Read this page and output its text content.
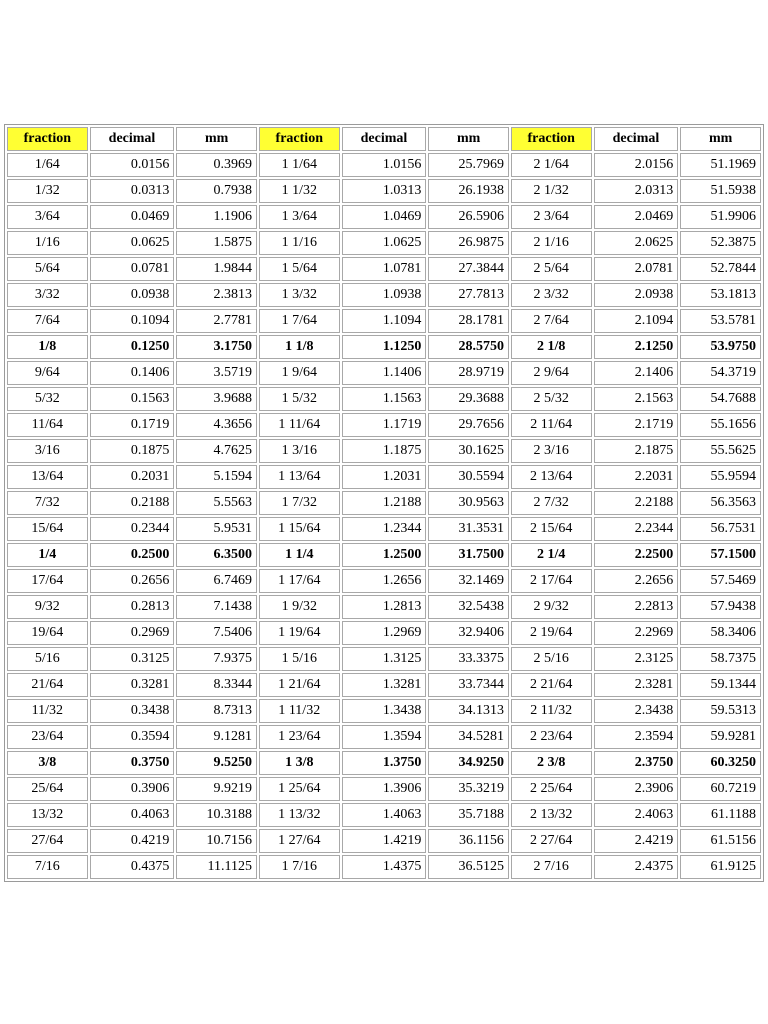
fraction	decimal	mm	fraction	decimal	mm	fraction	decimal	mm
1/64	0.0156	0.3969	1 1/64	1.0156	25.7969	2 1/64	2.0156	51.1969
1/32	0.0313	0.7938	1 1/32	1.0313	26.1938	2 1/32	2.0313	51.5938
3/64	0.0469	1.1906	1 3/64	1.0469	26.5906	2 3/64	2.0469	51.9906
1/16	0.0625	1.5875	1 1/16	1.0625	26.9875	2 1/16	2.0625	52.3875
5/64	0.0781	1.9844	1 5/64	1.0781	27.3844	2 5/64	2.0781	52.7844
3/32	0.0938	2.3813	1 3/32	1.0938	27.7813	2 3/32	2.0938	53.1813
7/64	0.1094	2.7781	1 7/64	1.1094	28.1781	2 7/64	2.1094	53.5781
1/8	0.1250	3.1750	1 1/8	1.1250	28.5750	2 1/8	2.1250	53.9750
9/64	0.1406	3.5719	1 9/64	1.1406	28.9719	2 9/64	2.1406	54.3719
5/32	0.1563	3.9688	1 5/32	1.1563	29.3688	2 5/32	2.1563	54.7688
11/64	0.1719	4.3656	1 11/64	1.1719	29.7656	2 11/64	2.1719	55.1656
3/16	0.1875	4.7625	1 3/16	1.1875	30.1625	2 3/16	2.1875	55.5625
13/64	0.2031	5.1594	1 13/64	1.2031	30.5594	2 13/64	2.2031	55.9594
7/32	0.2188	5.5563	1 7/32	1.2188	30.9563	2 7/32	2.2188	56.3563
15/64	0.2344	5.9531	1 15/64	1.2344	31.3531	2 15/64	2.2344	56.7531
1/4	0.2500	6.3500	1 1/4	1.2500	31.7500	2 1/4	2.2500	57.1500
17/64	0.2656	6.7469	1 17/64	1.2656	32.1469	2 17/64	2.2656	57.5469
9/32	0.2813	7.1438	1 9/32	1.2813	32.5438	2 9/32	2.2813	57.9438
19/64	0.2969	7.5406	1 19/64	1.2969	32.9406	2 19/64	2.2969	58.3406
5/16	0.3125	7.9375	1 5/16	1.3125	33.3375	2 5/16	2.3125	58.7375
21/64	0.3281	8.3344	1 21/64	1.3281	33.7344	2 21/64	2.3281	59.1344
11/32	0.3438	8.7313	1 11/32	1.3438	34.1313	2 11/32	2.3438	59.5313
23/64	0.3594	9.1281	1 23/64	1.3594	34.5281	2 23/64	2.3594	59.9281
3/8	0.3750	9.5250	1 3/8	1.3750	34.9250	2 3/8	2.3750	60.3250
25/64	0.3906	9.9219	1 25/64	1.3906	35.3219	2 25/64	2.3906	60.7219
13/32	0.4063	10.3188	1 13/32	1.4063	35.7188	2 13/32	2.4063	61.1188
27/64	0.4219	10.7156	1 27/64	1.4219	36.1156	2 27/64	2.4219	61.5156
7/16	0.4375	11.1125	1 7/16	1.4375	36.5125	2 7/16	2.4375	61.9125
